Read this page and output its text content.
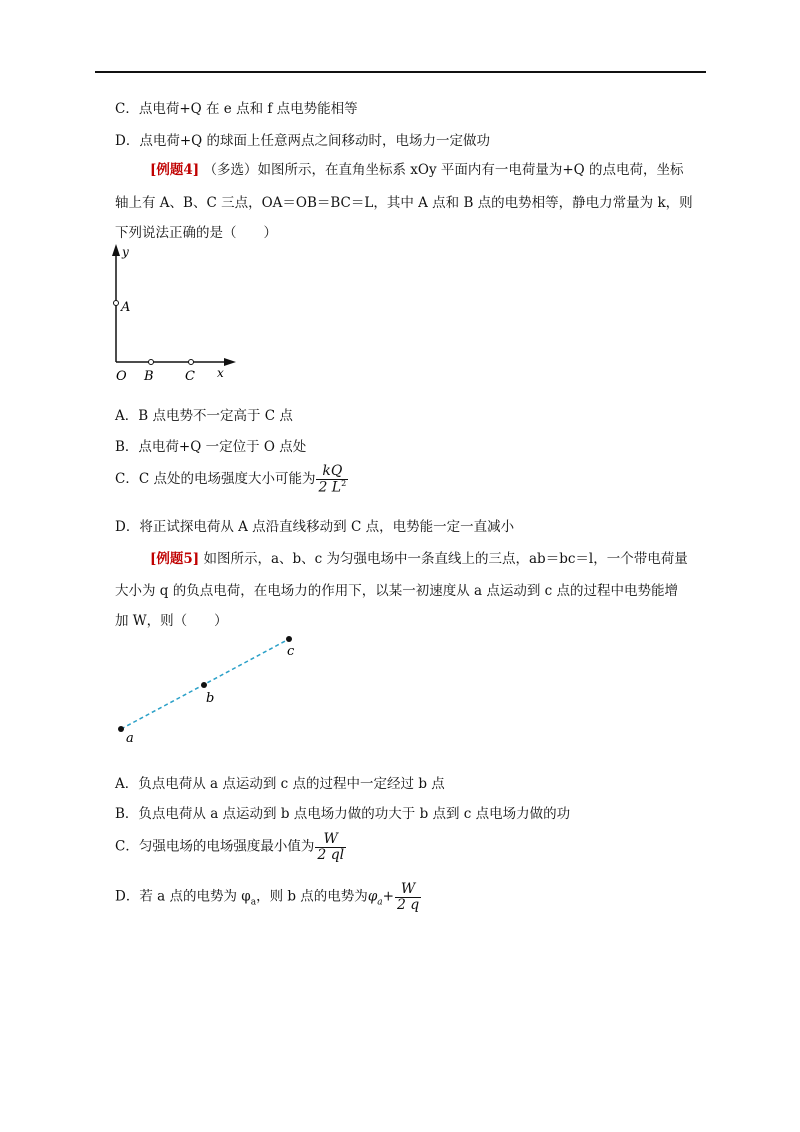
C．点电荷+Q 在 e 点和 f 点电势能相等
D．点电荷+Q 的球面上任意两点之间移动时，电场力一定做功
[例题4] （多选）如图所示，在直角坐标系 xOy 平面内有一电荷量为+Q 的点电荷，坐标
轴上有 A、B、C 三点，OA＝OB＝BC＝L，其中 A 点和 B 点的电势相等，静电力常量为 k，则
下列说法正确的是（　　）
y
A
O B C x
A．B 点电势不一定高于 C 点
B．点电荷+Q 一定位于 O 点处
C．C 点处的电场强度大小可能为 $\frac{kQ}{2 L^2}$
D．将正试探电荷从 A 点沿直线移动到 C 点，电势能一定一直减小
[例题5] 如图所示，a、b、c 为匀强电场中一条直线上的三点，ab＝bc＝l，一个带电荷量
大小为 q 的负点电荷，在电场力的作用下，以某一初速度从 a 点运动到 c 点的过程中电势能增
加 W，则（　　）
a
b
c
A．负点电荷从 a 点运动到 c 点的过程中一定经过 b 点
B．负点电荷从 a 点运动到 b 点电场力做的功大于 b 点到 c 点电场力做的功
C．匀强电场的电场强度最小值为 $\frac{W}{2 ql}$
D．若 a 点的电势为 $\varphi_a$，则 b 点的电势为$\varphi_a+ \frac{W}{2 q}$
